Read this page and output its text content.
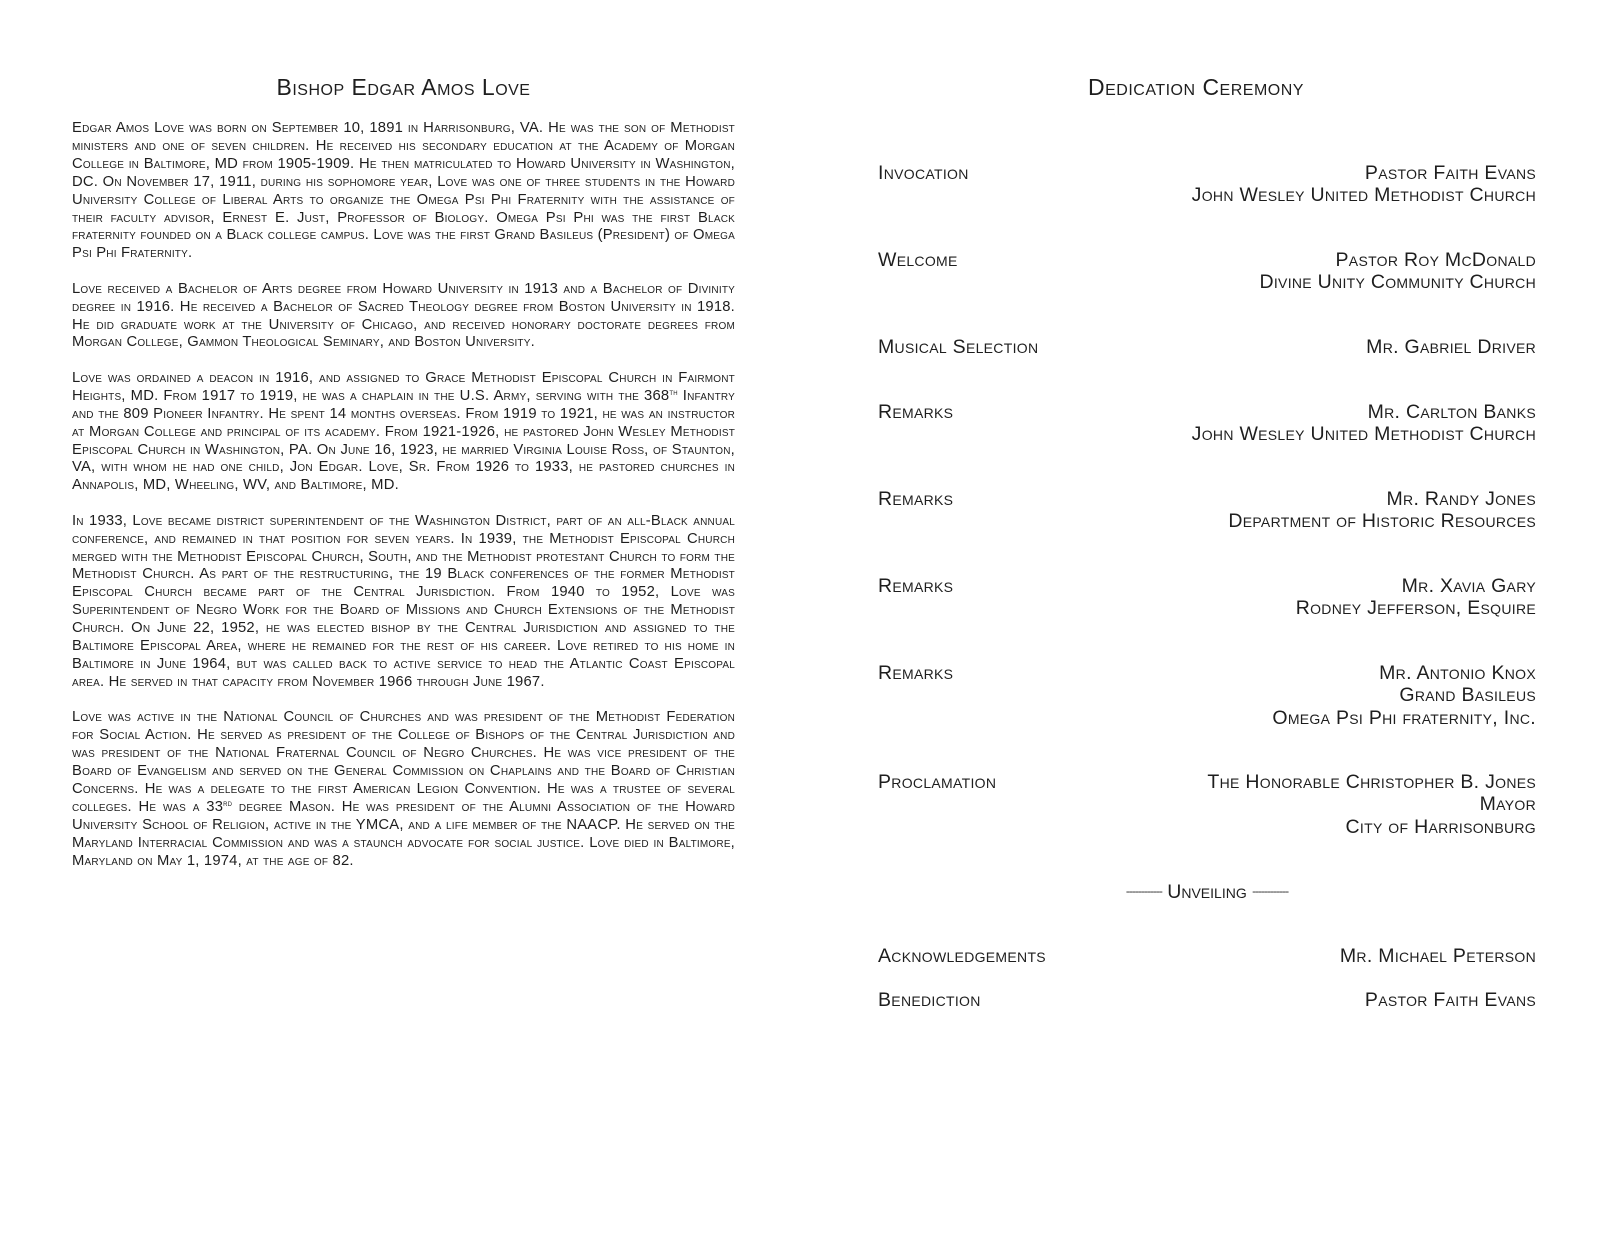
Bishop Edgar Amos Love

Edgar Amos Love was born on September 10, 1891 in Harrisonburg, VA. He was the son of Methodist ministers and one of seven children. He received his secondary education at the Academy of Morgan College in Baltimore, MD from 1905-1909. He then matriculated to Howard University in Washington, DC. On November 17, 1911, during his sophomore year, Love was one of three students in the Howard University College of Liberal Arts to organize the Omega Psi Phi Fraternity with the assistance of their faculty advisor, Ernest E. Just, Professor of Biology. Omega Psi Phi was the first Black fraternity founded on a Black college campus. Love was the first Grand Basileus (President) of Omega Psi Phi Fraternity.

Love received a Bachelor of Arts degree from Howard University in 1913 and a Bachelor of Divinity degree in 1916. He received a Bachelor of Sacred Theology degree from Boston University in 1918. He did graduate work at the University of Chicago, and received honorary doctorate degrees from Morgan College, Gammon Theological Seminary, and Boston University.

Love was ordained a deacon in 1916, and assigned to Grace Methodist Episcopal Church in Fairmont Heights, MD. From 1917 to 1919, he was a chaplain in the U.S. Army, serving with the 368th Infantry and the 809 Pioneer Infantry. He spent 14 months overseas. From 1919 to 1921, he was an instructor at Morgan College and principal of its academy. From 1921-1926, he pastored John Wesley Methodist Episcopal Church in Washington, PA. On June 16, 1923, he married Virginia Louise Ross, of Staunton, VA, with whom he had one child, Jon Edgar. Love, Sr. From 1926 to 1933, he pastored churches in Annapolis, MD, Wheeling, WV, and Baltimore, MD.

In 1933, Love became district superintendent of the Washington District, part of an all-Black annual conference, and remained in that position for seven years. In 1939, the Methodist Episcopal Church merged with the Methodist Episcopal Church, South, and the Methodist protestant Church to form the Methodist Church. As part of the restructuring, the 19 Black conferences of the former Methodist Episcopal Church became part of the Central Jurisdiction. From 1940 to 1952, Love was Superintendent of Negro Work for the Board of Missions and Church Extensions of the Methodist Church. On June 22, 1952, he was elected bishop by the Central Jurisdiction and assigned to the Baltimore Episcopal Area, where he remained for the rest of his career. Love retired to his home in Baltimore in June 1964, but was called back to active service to head the Atlantic Coast Episcopal area. He served in that capacity from November 1966 through June 1967.

Love was active in the National Council of Churches and was president of the Methodist Federation for Social Action. He served as president of the College of Bishops of the Central Jurisdiction and was president of the National Fraternal Council of Negro Churches. He was vice president of the Board of Evangelism and served on the General Commission on Chaplains and the Board of Christian Concerns. He was a delegate to the first American Legion Convention. He was a trustee of several colleges. He was a 33rd degree Mason. He was president of the Alumni Association of the Howard University School of Religion, active in the YMCA, and a life member of the NAACP. He served on the Maryland Interracial Commission and was a staunch advocate for social justice. Love died in Baltimore, Maryland on May 1, 1974, at the age of 82.

Dedication Ceremony
Invocation	Pastor Faith Evans
John Wesley United Methodist Church
Welcome	Pastor Roy McDonald
Divine Unity Community Church
Musical Selection	Mr. Gabriel Driver
Remarks	Mr. Carlton Banks
John Wesley United Methodist Church
Remarks	Mr. Randy Jones
Department of Historic Resources
Remarks	Mr. Xavia Gary
Rodney Jefferson, Esquire
Remarks	Mr. Antonio Knox
Grand Basileus
Omega Psi Phi fraternity, Inc.
Proclamation	The Honorable Christopher B. Jones
Mayor
City of Harrisonburg
------------ Unveiling ------------
Acknowledgements	Mr. Michael Peterson
Benediction	Pastor Faith Evans
